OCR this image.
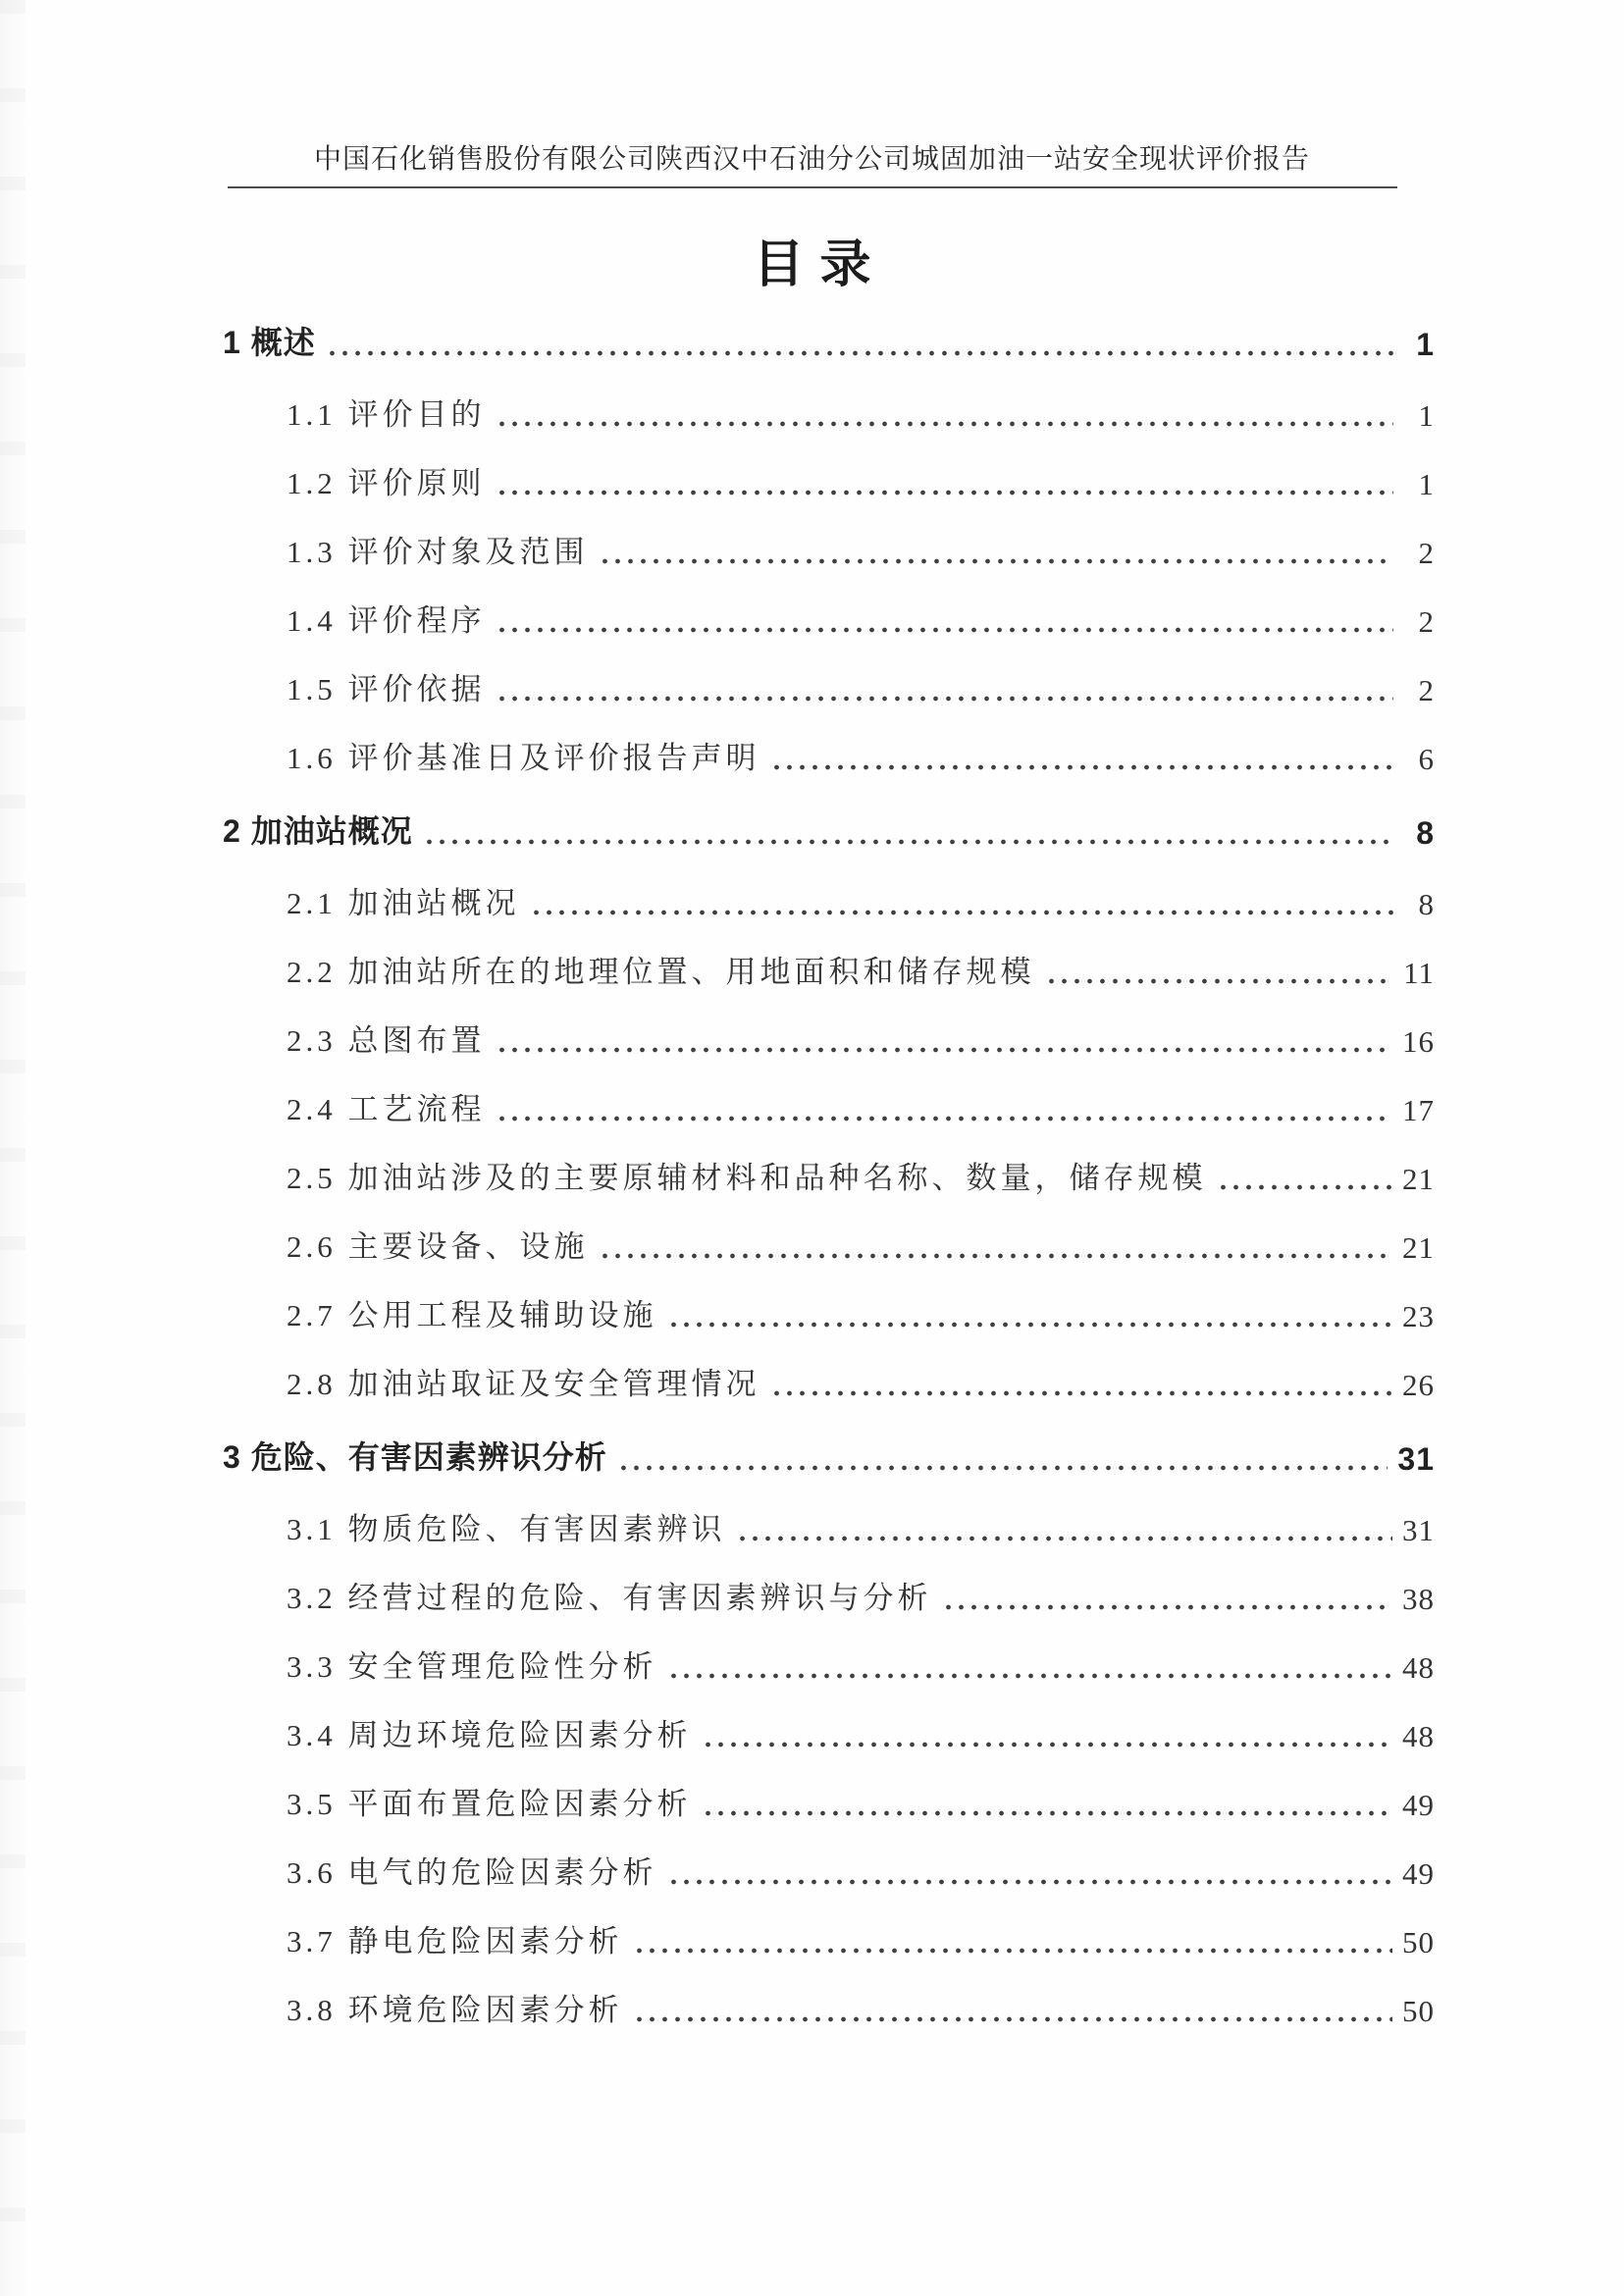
中国石化销售股份有限公司陕西汉中石油分公司城固加油一站安全现状评价报告
目录
1 概述	1
1.1 评价目的	1
1.2 评价原则	1
1.3 评价对象及范围	2
1.4 评价程序	2
1.5 评价依据	2
1.6 评价基准日及评价报告声明	6
2 加油站概况	8
2.1 加油站概况	8
2.2 加油站所在的地理位置、用地面积和储存规模	11
2.3 总图布置	16
2.4 工艺流程	17
2.5 加油站涉及的主要原辅材料和品种名称、数量，储存规模	21
2.6 主要设备、设施	21
2.7 公用工程及辅助设施	23
2.8 加油站取证及安全管理情况	26
3 危险、有害因素辨识分析	31
3.1 物质危险、有害因素辨识	31
3.2 经营过程的危险、有害因素辨识与分析	38
3.3 安全管理危险性分析	48
3.4 周边环境危险因素分析	48
3.5 平面布置危险因素分析	49
3.6 电气的危险因素分析	49
3.7 静电危险因素分析	50
3.8 环境危险因素分析	50
